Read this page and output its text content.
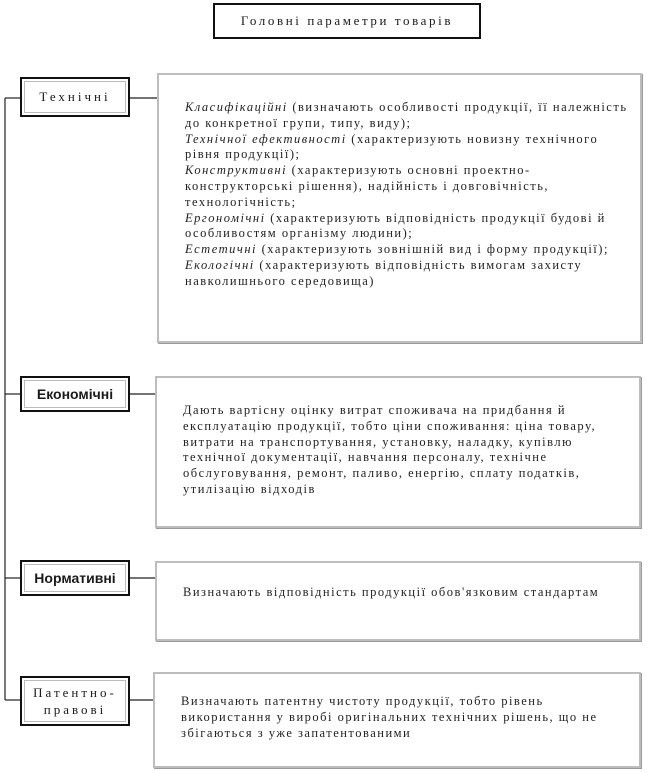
Головні параметри товарів
Технічні
Економічні
Нормативні
Патентно-правові
Класифікаційні (визначають особливості продукції, її належність до конкретної групи, типу, виду);
Технічної ефективності (характеризують новизну технічного рівня продукції);
Конструктивні (характеризують основні проектно-конструкторські рішення), надійність і довговічність, технологічність;
Ергономічні (характеризують відповідність продукції будові й особливостям організму людини);
Естетичні (характеризують зовнішній вид і форму продукції);
Екологічні (характеризують відповідність вимогам захисту навколишнього середовища)
Дають вартісну оцінку витрат споживача на придбання й експлуатацію продукції, тобто ціни споживання: ціна товару, витрати на транспортування, установку, наладку, купівлю технічної документації, навчання персоналу, технічне обслуговування, ремонт, паливо, енергію, сплату податків, утилізацію відходів
Визначають відповідність продукції обов'язковим стандартам
Визначають патентну чистоту продукції, тобто рівень використання у виробі оригінальних технічних рішень, що не збігаються з уже запатентованими
